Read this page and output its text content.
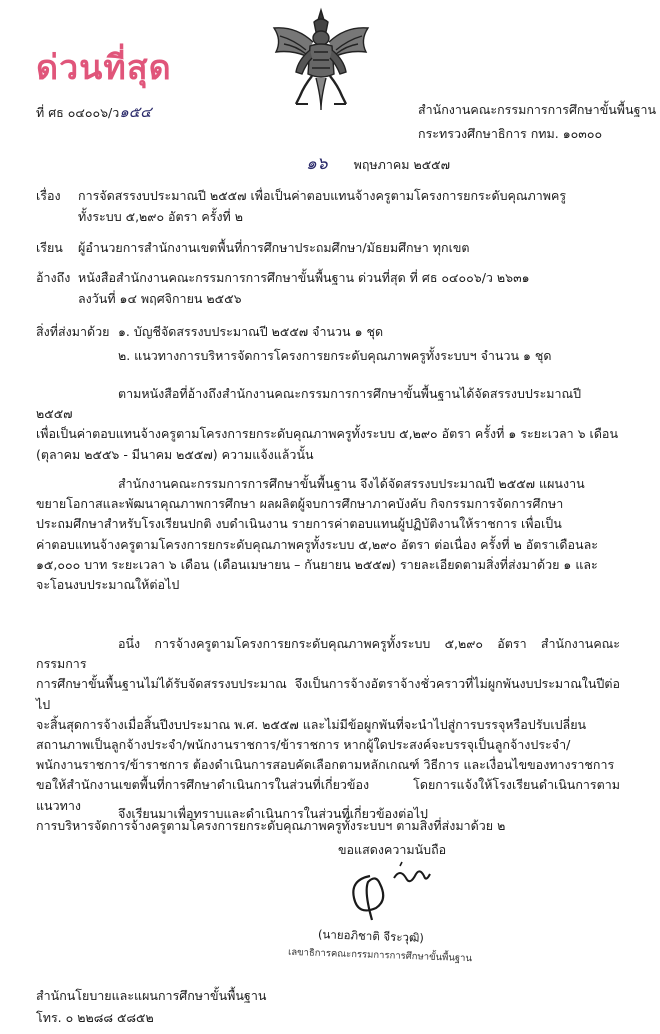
ด่วนที่สุด
ที่ ศธ ๐๔๐๐๖/ว๑๕๔	สำนักงานคณะกรรมการการศึกษาขั้นพื้นฐาน
กระทรวงศึกษาธิการ กทม. ๑๐๓๐๐
๑๖ พฤษภาคม ๒๕๕๗
เรื่อง การจัดสรรงบประมาณปี ๒๕๕๗ เพื่อเป็นค่าตอบแทนจ้างครูตามโครงการยกระดับคุณภาพครู
ทั้งระบบ ๕,๒๙๐ อัตรา ครั้งที่ ๒
เรียน ผู้อำนวยการสำนักงานเขตพื้นที่การศึกษาประถมศึกษา/มัธยมศึกษา ทุกเขต
อ้างถึง หนังสือสำนักงานคณะกรรมการการศึกษาขั้นพื้นฐาน ด่วนที่สุด ที่ ศธ ๐๔๐๐๖/ว ๒๖๓๑
ลงวันที่ ๑๔ พฤศจิกายน ๒๕๕๖
สิ่งที่ส่งมาด้วย ๑. บัญชีจัดสรรงบประมาณปี ๒๕๕๗ จำนวน ๑ ชุด
๒. แนวทางการบริหารจัดการโครงการยกระดับคุณภาพครูทั้งระบบฯ จำนวน ๑ ชุด
ตามหนังสือที่อ้างถึงสำนักงานคณะกรรมการการศึกษาขั้นพื้นฐานได้จัดสรรงบประมาณปี ๒๕๕๗
เพื่อเป็นค่าตอบแทนจ้างครูตามโครงการยกระดับคุณภาพครูทั้งระบบ ๕,๒๙๐ อัตรา ครั้งที่ ๑ ระยะเวลา ๖ เดือน
(ตุลาคม ๒๕๕๖ - มีนาคม ๒๕๕๗) ความแจ้งแล้วนั้น
สำนักงานคณะกรรมการการศึกษาขั้นพื้นฐาน จึงได้จัดสรรงบประมาณปี ๒๕๕๗ แผนงาน
ขยายโอกาสและพัฒนาคุณภาพการศึกษา ผลผลิตผู้จบการศึกษาภาคบังคับ กิจกรรมการจัดการศึกษา
ประถมศึกษาสำหรับโรงเรียนปกติ งบดำเนินงาน รายการค่าตอบแทนผู้ปฏิบัติงานให้ราชการ เพื่อเป็น
ค่าตอบแทนจ้างครูตามโครงการยกระดับคุณภาพครูทั้งระบบ ๕,๒๙๐ อัตรา ต่อเนื่อง ครั้งที่ ๒ อัตราเดือนละ
๑๕,๐๐๐ บาท ระยะเวลา ๖ เดือน (เดือนเมษายน – กันยายน ๒๕๕๗) รายละเอียดตามสิ่งที่ส่งมาด้วย ๑ และ
จะโอนงบประมาณให้ต่อไป
อนึ่ง การจ้างครูตามโครงการยกระดับคุณภาพครูทั้งระบบ ๕,๒๙๐ อัตรา สำนักงานคณะกรรมการ
การศึกษาขั้นพื้นฐานไม่ได้รับจัดสรรงบประมาณ จึงเป็นการจ้างอัตราจ้างชั่วคราวที่ไม่ผูกพันงบประมาณในปีต่อไป
จะสิ้นสุดการจ้างเมื่อสิ้นปีงบประมาณ พ.ศ. ๒๕๕๗ และไม่มีข้อผูกพันที่จะนำไปสู่การบรรจุหรือปรับเปลี่ยน
สถานภาพเป็นลูกจ้างประจำ/พนักงานราชการ/ข้าราชการ หากผู้ใดประสงค์จะบรรจุเป็นลูกจ้างประจำ/
พนักงานราชการ/ข้าราชการ ต้องดำเนินการสอบคัดเลือกตามหลักเกณฑ์ วิธีการ และเงื่อนไขของทางราชการ
ขอให้สำนักงานเขตพื้นที่การศึกษาดำเนินการในส่วนที่เกี่ยวข้อง โดยการแจ้งให้โรงเรียนดำเนินการตามแนวทาง
การบริหารจัดการจ้างครูตามโครงการยกระดับคุณภาพครูทั้งระบบฯ ตามสิ่งที่ส่งมาด้วย ๒
จึงเรียนมาเพื่อทราบและดำเนินการในส่วนที่เกี่ยวข้องต่อไป
ขอแสดงความนับถือ
(นายอภิชาติ จีระวุฒิ)
เลขาธิการคณะกรรมการการศึกษาขั้นพื้นฐาน
สำนักนโยบายและแผนการศึกษาขั้นพื้นฐาน
โทร. ๐ ๒๒๘๘ ๕๘๕๒
